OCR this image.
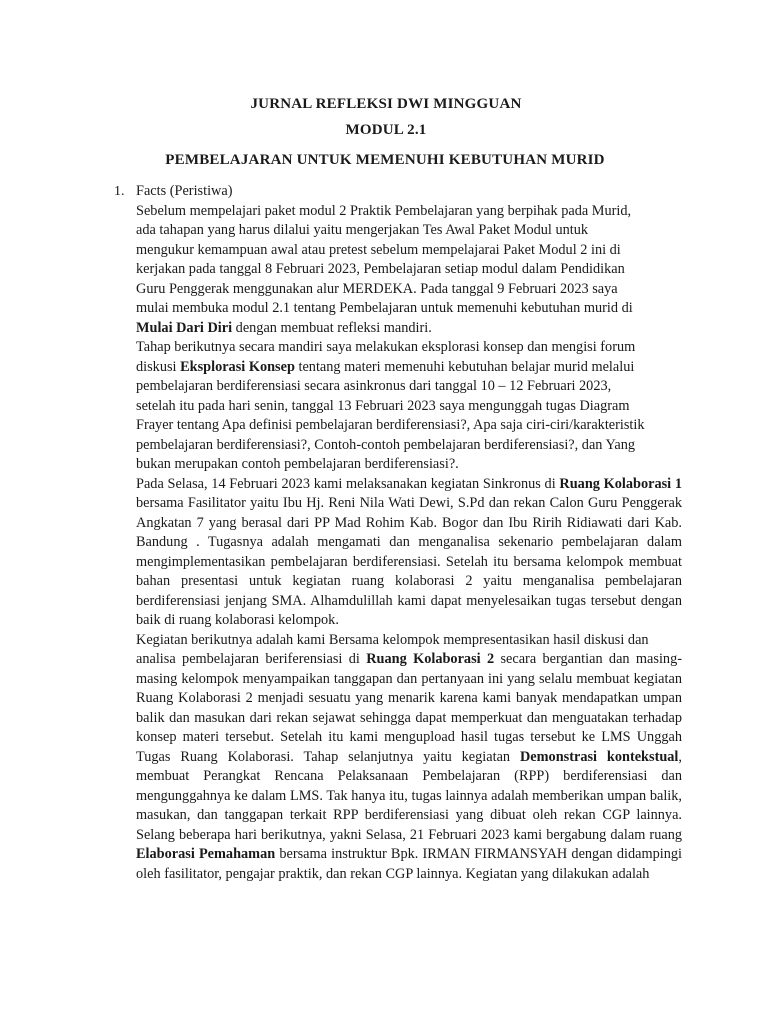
JURNAL REFLEKSI DWI MINGGUAN
MODUL 2.1
PEMBELAJARAN UNTUK MEMENUHI KEBUTUHAN MURID
1. Facts (Peristiwa)

Sebelum mempelajari paket modul 2 Praktik Pembelajaran yang berpihak pada Murid,
ada tahapan yang harus dilalui yaitu mengerjakan Tes Awal Paket Modul untuk
mengukur kemampuan awal atau pretest sebelum mempelajarai Paket Modul 2 ini di
kerjakan pada tanggal 8 Februari 2023, Pembelajaran setiap modul dalam Pendidikan
Guru Penggerak menggunakan alur MERDEKA. Pada tanggal 9 Februari 2023 saya
mulai membuka modul 2.1 tentang Pembelajaran untuk memenuhi kebutuhan murid di
Mulai Dari Diri dengan membuat refleksi mandiri.

Tahap berikutnya secara mandiri saya melakukan eksplorasi konsep dan mengisi forum
diskusi Eksplorasi Konsep tentang materi memenuhi kebutuhan belajar murid melalui
pembelajaran berdiferensiasi secara asinkronus dari tanggal 10 – 12 Februari 2023,
setelah itu pada hari senin, tanggal 13 Februari 2023 saya mengunggah tugas Diagram
Frayer tentang Apa definisi pembelajaran berdiferensiasi?, Apa saja ciri-ciri/karakteristik
pembelajaran berdiferensiasi?, Contoh-contoh pembelajaran berdiferensiasi?, dan Yang
bukan merupakan contoh pembelajaran berdiferensiasi?.

Pada Selasa, 14 Februari 2023 kami melaksanakan kegiatan Sinkronus di Ruang Kolaborasi 1 bersama Fasilitator yaitu Ibu Hj. Reni Nila Wati Dewi, S.Pd dan rekan Calon Guru Penggerak Angkatan 7 yang berasal dari PP Mad Rohim Kab. Bogor dan Ibu Ririh Ridiawati dari Kab. Bandung . Tugasnya adalah mengamati dan menganalisa sekenario pembelajaran dalam mengimplementasikan pembelajaran berdiferensiasi. Setelah itu bersama kelompok membuat bahan presentasi untuk kegiatan ruang kolaborasi 2 yaitu menganalisa pembelajaran berdiferensiasi jenjang SMA. Alhamdulillah kami dapat menyelesaikan tugas tersebut dengan baik di ruang kolaborasi kelompok.

Kegiatan berikutnya adalah kami Bersama kelompok mempresentasikan hasil diskusi dan
analisa pembelajaran beriferensiasi di Ruang Kolaborasi 2 secara bergantian dan masing-masing kelompok menyampaikan tanggapan dan pertanyaan ini yang selalu membuat kegiatan Ruang Kolaborasi 2 menjadi sesuatu yang menarik karena kami banyak mendapatkan umpan balik dan masukan dari rekan sejawat sehingga dapat memperkuat dan menguatakan terhadap konsep materi tersebut. Setelah itu kami mengupload hasil tugas tersebut ke LMS Unggah Tugas Ruang Kolaborasi. Tahap selanjutnya yaitu kegiatan Demonstrasi kontekstual, membuat Perangkat Rencana Pelaksanaan Pembelajaran (RPP) berdiferensiasi dan mengunggahnya ke dalam LMS. Tak hanya itu, tugas lainnya adalah memberikan umpan balik, masukan, dan tanggapan terkait RPP berdiferensiasi yang dibuat oleh rekan CGP lainnya. Selang beberapa hari berikutnya, yakni Selasa, 21 Februari 2023 kami bergabung dalam ruang Elaborasi Pemahaman bersama instruktur Bpk. IRMAN FIRMANSYAH dengan didampingi oleh fasilitator, pengajar praktik, dan rekan CGP lainnya. Kegiatan yang dilakukan adalah
